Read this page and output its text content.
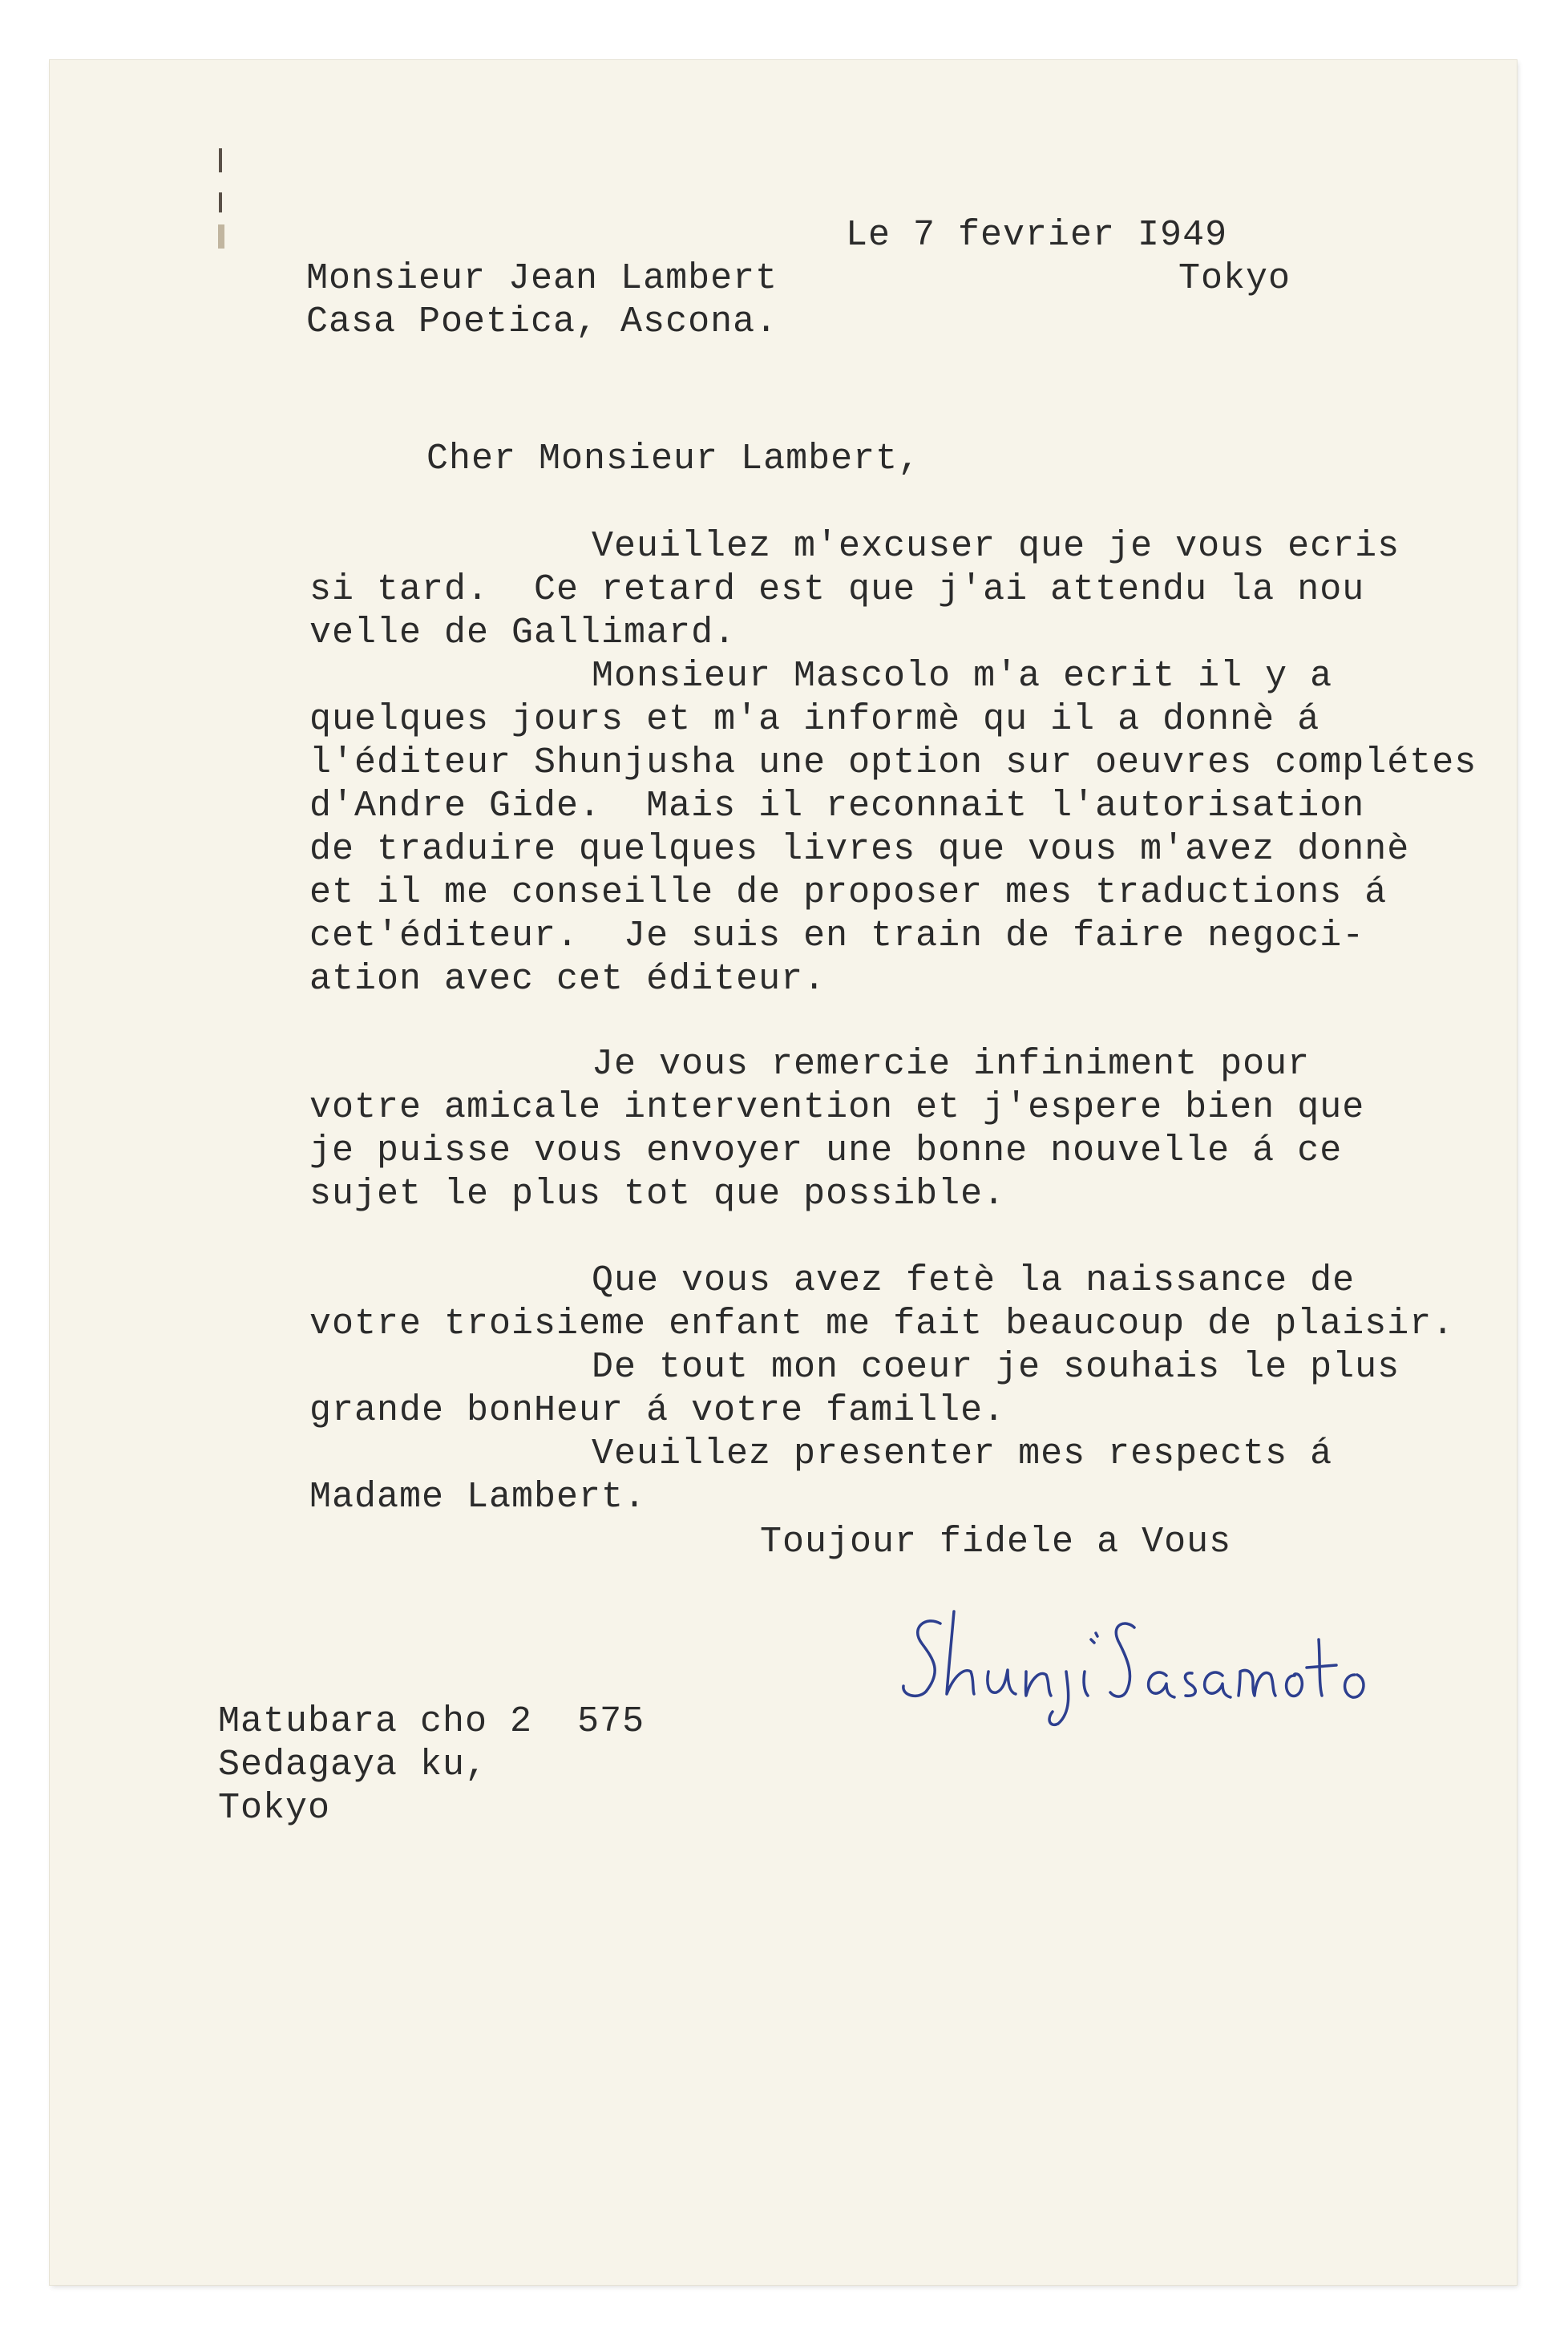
Le 7 fevrier I949
Tokyo
Monsieur Jean Lambert
Casa Poetica, Ascona.
Cher Monsieur Lambert,
Veuillez m'excuser que je vous ecris
si tard.  Ce retard est que j'ai attendu la nou
velle de Gallimard.
Monsieur Mascolo m'a ecrit il y a
quelques jours et m'a informè qu il a donnè á
l'éditeur Shunjusha une option sur oeuvres complétes
d'Andre Gide.  Mais il reconnait l'autorisation
de traduire quelques livres que vous m'avez donnè
et il me conseille de proposer mes traductions á
cet'éditeur.  Je suis en train de faire negoci-
ation avec cet éditeur.
Je vous remercie infiniment pour
votre amicale intervention et j'espere bien que
je puisse vous envoyer une bonne nouvelle á ce
sujet le plus tot que possible.
Que vous avez fetè la naissance de
votre troisieme enfant me fait beaucoup de plaisir.
De tout mon coeur je souhais le plus
grande bonHeur á votre famille.
Veuillez presenter mes respects á
Madame Lambert.
Toujour fidele a Vous
Matubara cho 2  575
Sedagaya ku,
Tokyo
